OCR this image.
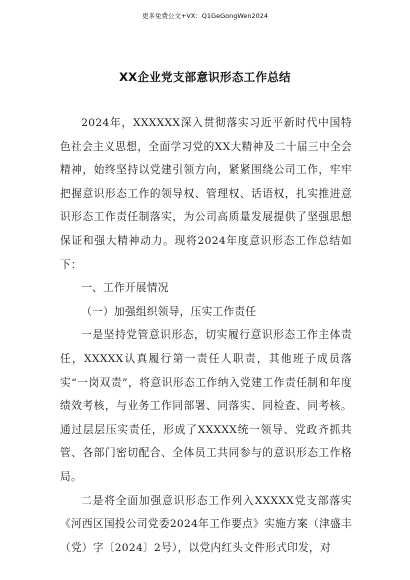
更多免费公文+VX：Q1GeGongWen2024
XX企业党支部意识形态工作总结

2024年，XXXXXX深入贯彻落实习近平新时代中国特色社会主义思想，全面学习党的XX大精神及二十届三中全会精神，始终坚持以党建引领方向，紧紧围绕公司工作，牢牢把握意识形态工作的领导权、管理权、话语权，扎实推进意识形态工作责任制落实，为公司高质量发展提供了坚强思想保证和强大精神动力。现将2024年度意识形态工作总结如下：

一、工作开展情况

（一）加强组织领导，压实工作责任

一是坚持党管意识形态，切实履行意识形态工作主体责任，XXXXX认真履行第一责任人职责，其他班子成员落实“一岗双责”，将意识形态工作纳入党建工作责任制和年度绩效考核，与业务工作同部署、同落实、同检查、同考核。通过层层压实责任，形成了XXXXX统一领导、党政齐抓共管、各部门密切配合、全体员工共同参与的意识形态工作格局。

二是将全面加强意识形态工作列入XXXXX党支部落实《河西区国投公司党委2024年工作要点》实施方案（津盛丰（党）字〔2024〕2号），以党内红头文件形式印发，对
